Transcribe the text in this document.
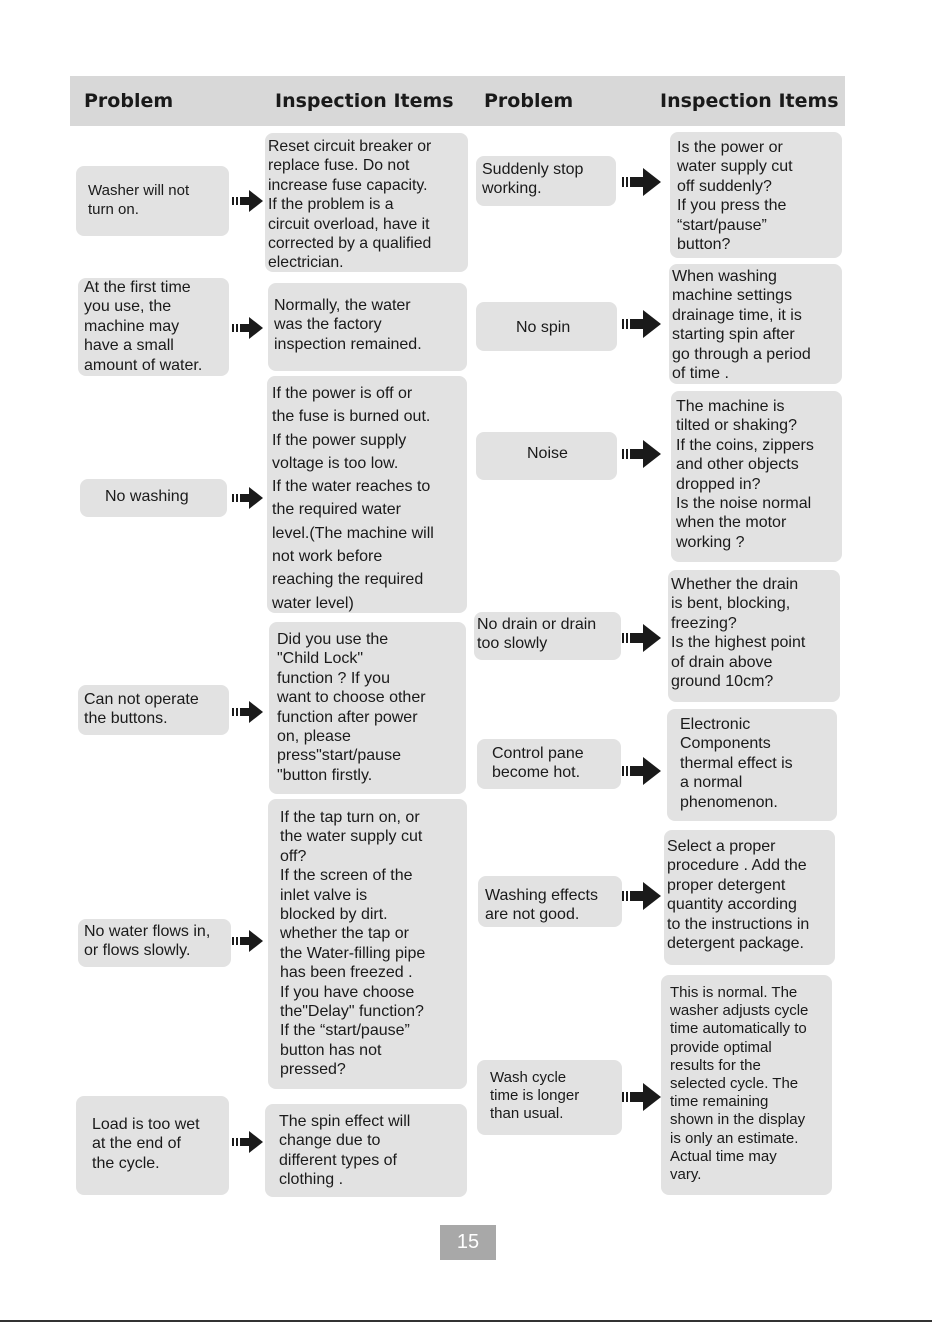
Problem	Inspection Items Problem	Inspection Items
Washer will not
turn on.
Reset circuit breaker or
replace fuse. Do not
increase fuse capacity.
If the problem is a
circuit overload, have it
corrected by a qualified
electrician.
At the first time
you use, the
machine may
have a small
amount of water.
Normally, the water
was the factory
inspection remained.
No washing
If the power is off or
the fuse is burned out.
If the power supply
voltage is too low.
If the water reaches to
the required water
level.(The machine will
not work before
reaching the required
water level)
Can not operate
the buttons.
Did you use the
"Child Lock"
function ? If you
want to choose other
function after power
on, please
press"start/pause
"button firstly.
No water flows in,
or flows slowly.
If the tap turn on, or
the water supply cut
off?
If the screen of the
inlet valve is
blocked by dirt.
whether the tap or
the Water-filling pipe
has been freezed .
If you have choose
the"Delay" function?
If the “start/pause”
button has not
pressed?
Load is too wet
at the end of
the cycle.
The spin effect will
change due to
different types of
clothing .
Suddenly stop
working.
Is the power or
water supply cut
off suddenly?
If you press the
“start/pause”
button?
No spin
When washing
machine settings
drainage time, it is
starting spin after
go through a period
of time .
Noise
The machine is
tilted or shaking?
If the coins, zippers
and other objects
dropped in?
Is the noise normal
when the motor
working ?
No drain or drain
too slowly
Whether the drain
is bent, blocking,
freezing?
Is the highest point
of drain above
ground 10cm?
Control pane
become hot.
Electronic
Components
thermal effect is
a normal
phenomenon.
Washing effects
are not good.
Select a proper
procedure . Add the
proper detergent
quantity according
to the instructions in
detergent package.
Wash cycle
time is longer
than usual.
This is normal. The
washer adjusts cycle
time automatically to
provide optimal
results for the
selected cycle. The
time remaining
shown in the display
is only an estimate.
Actual time may
vary.
15
